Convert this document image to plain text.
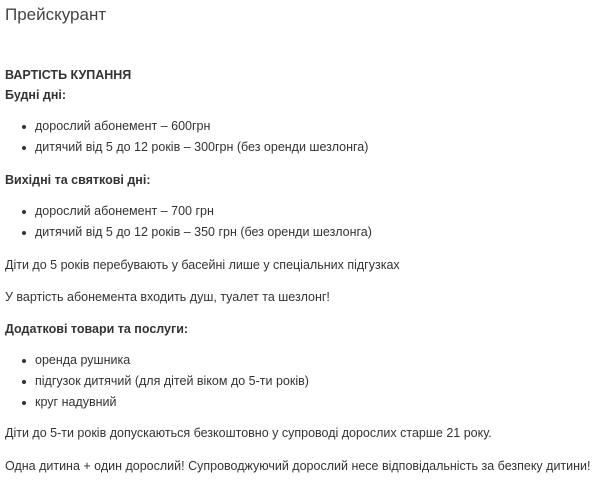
Прейскурант

ВАРТІСТЬ КУПАННЯ

Будні дні:

дорослий абонемент – 600грн
дитячий від 5 до 12 років – 300грн (без оренди шезлонга)

Вихідні та святкові дні:

дорослий абонемент – 700 грн
дитячий від 5 до 12 років – 350 грн (без оренди шезлонга)

Діти до 5 років перебувають у басейні лише у спеціальних підгузках

У вартість абонемента входить душ, туалет та шезлонг!

Додаткові товари та послуги:

оренда рушника
підгузок дитячий (для дітей віком до 5-ти років)
круг надувний

Діти до 5-ти років допускаються безкоштовно у супроводі дорослих старше 21 року.

Одна дитина + один дорослий! Супроводжуючий дорослий несе відповідальність за безпеку дитини!
